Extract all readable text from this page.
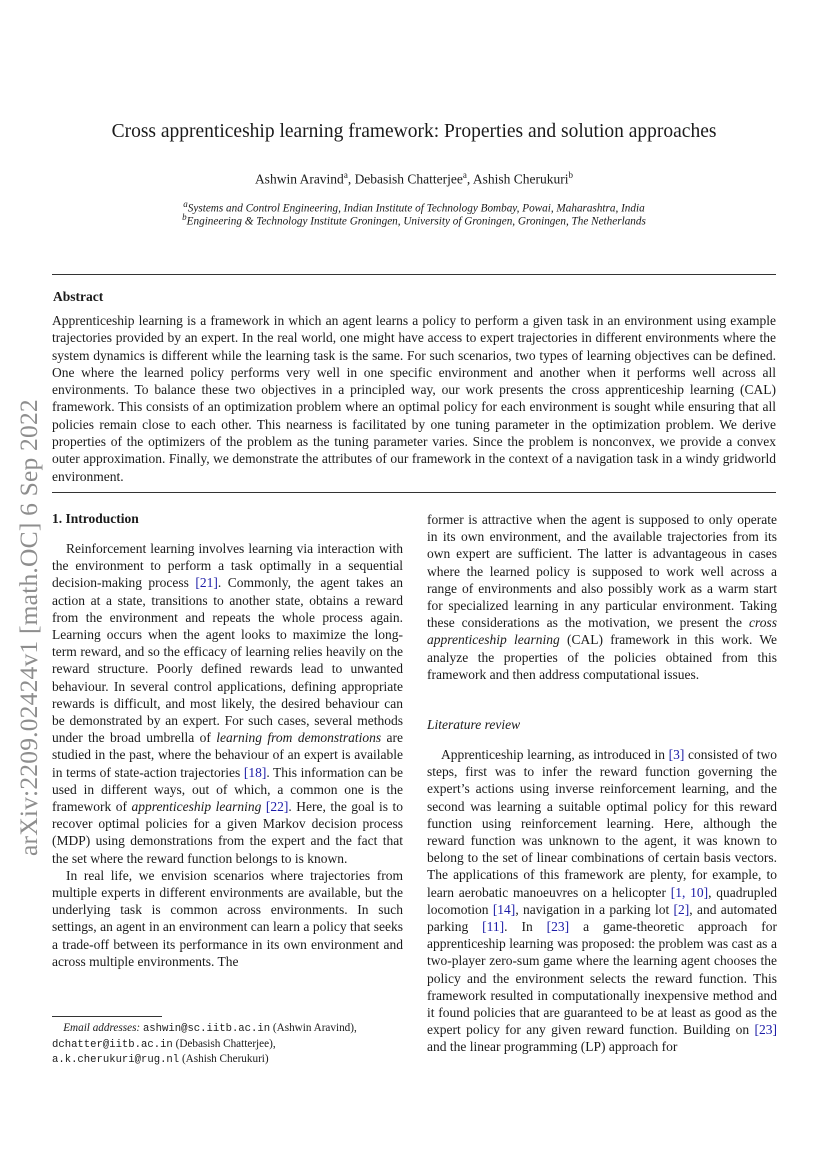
arXiv:2209.02424v1 [math.OC] 6 Sep 2022
Cross apprenticeship learning framework: Properties and solution approaches
Ashwin Aravind$^a$, Debasish Chatterjee$^a$, Ashish Cherukuri$^b$
$^a$Systems and Control Engineering, Indian Institute of Technology Bombay, Powai, Maharashtra, India
$^b$Engineering & Technology Institute Groningen, University of Groningen, Groningen, The Netherlands
Abstract
Apprenticeship learning is a framework in which an agent learns a policy to perform a given task in an environment using example trajectories provided by an expert. In the real world, one might have access to expert trajectories in different environments where the system dynamics is different while the learning task is the same. For such scenarios, two types of learning objectives can be defined. One where the learned policy performs very well in one specific environment and another when it performs well across all environments. To balance these two objectives in a principled way, our work presents the cross apprenticeship learning (CAL) framework. This consists of an optimization problem where an optimal policy for each environment is sought while ensuring that all policies remain close to each other. This nearness is facilitated by one tuning parameter in the optimization problem. We derive properties of the optimizers of the problem as the tuning parameter varies. Since the problem is nonconvex, we provide a convex outer approximation. Finally, we demonstrate the attributes of our framework in the context of a navigation task in a windy gridworld environment.
1. Introduction

Reinforcement learning involves learning via interaction with the environment to perform a task optimally in a sequential decision-making process [21]. Commonly, the agent takes an action at a state, transitions to another state, obtains a reward from the environment and repeats the whole process again. Learning occurs when the agent looks to maximize the long-term reward, and so the efficacy of learning relies heavily on the reward structure. Poorly defined rewards lead to unwanted behaviour. In several control applications, defining appropriate rewards is difficult, and most likely, the desired behaviour can be demonstrated by an expert. For such cases, several methods under the broad umbrella of learning from demonstrations are studied in the past, where the behaviour of an expert is available in terms of state-action trajectories [18]. This information can be used in different ways, out of which, a common one is the framework of apprenticeship learning [22]. Here, the goal is to recover optimal policies for a given Markov decision process (MDP) using demonstrations from the expert and the fact that the set where the reward function belongs to is known.

In real life, we envision scenarios where trajectories from multiple experts in different environments are available, but the underlying task is common across environments. In such settings, an agent in an environment can learn a policy that seeks a trade-off between its performance in its own environment and across multiple environments. The

former is attractive when the agent is supposed to only operate in its own environment, and the available trajectories from its own expert are sufficient. The latter is advantageous in cases where the learned policy is supposed to work well across a range of environments and also possibly work as a warm start for specialized learning in any particular environment. Taking these considerations as the motivation, we present the cross apprenticeship learning (CAL) framework in this work. We analyze the properties of the policies obtained from this framework and then address computational issues.

Literature review

Apprenticeship learning, as introduced in [3] consisted of two steps, first was to infer the reward function governing the expert’s actions using inverse reinforcement learning, and the second was learning a suitable optimal policy for this reward function using reinforcement learning. Here, although the reward function was unknown to the agent, it was known to belong to the set of linear combinations of certain basis vectors. The applications of this framework are plenty, for example, to learn aerobatic manoeuvres on a helicopter [1, 10], quadrupled locomotion [14], navigation in a parking lot [2], and automated parking [11]. In [23] a game-theoretic approach for apprenticeship learning was proposed: the problem was cast as a two-player zero-sum game where the learning agent chooses the policy and the environment selects the reward function. This framework resulted in computationally inexpensive method and it found policies that are guaranteed to be at least as good as the expert policy for any given reward function. Building on [23] and the linear programming (LP) approach for

Email addresses: ashwin@sc.iitb.ac.in (Ashwin Aravind),
dchatter@iitb.ac.in (Debasish Chatterjee),
a.k.cherukuri@rug.nl (Ashish Cherukuri)
